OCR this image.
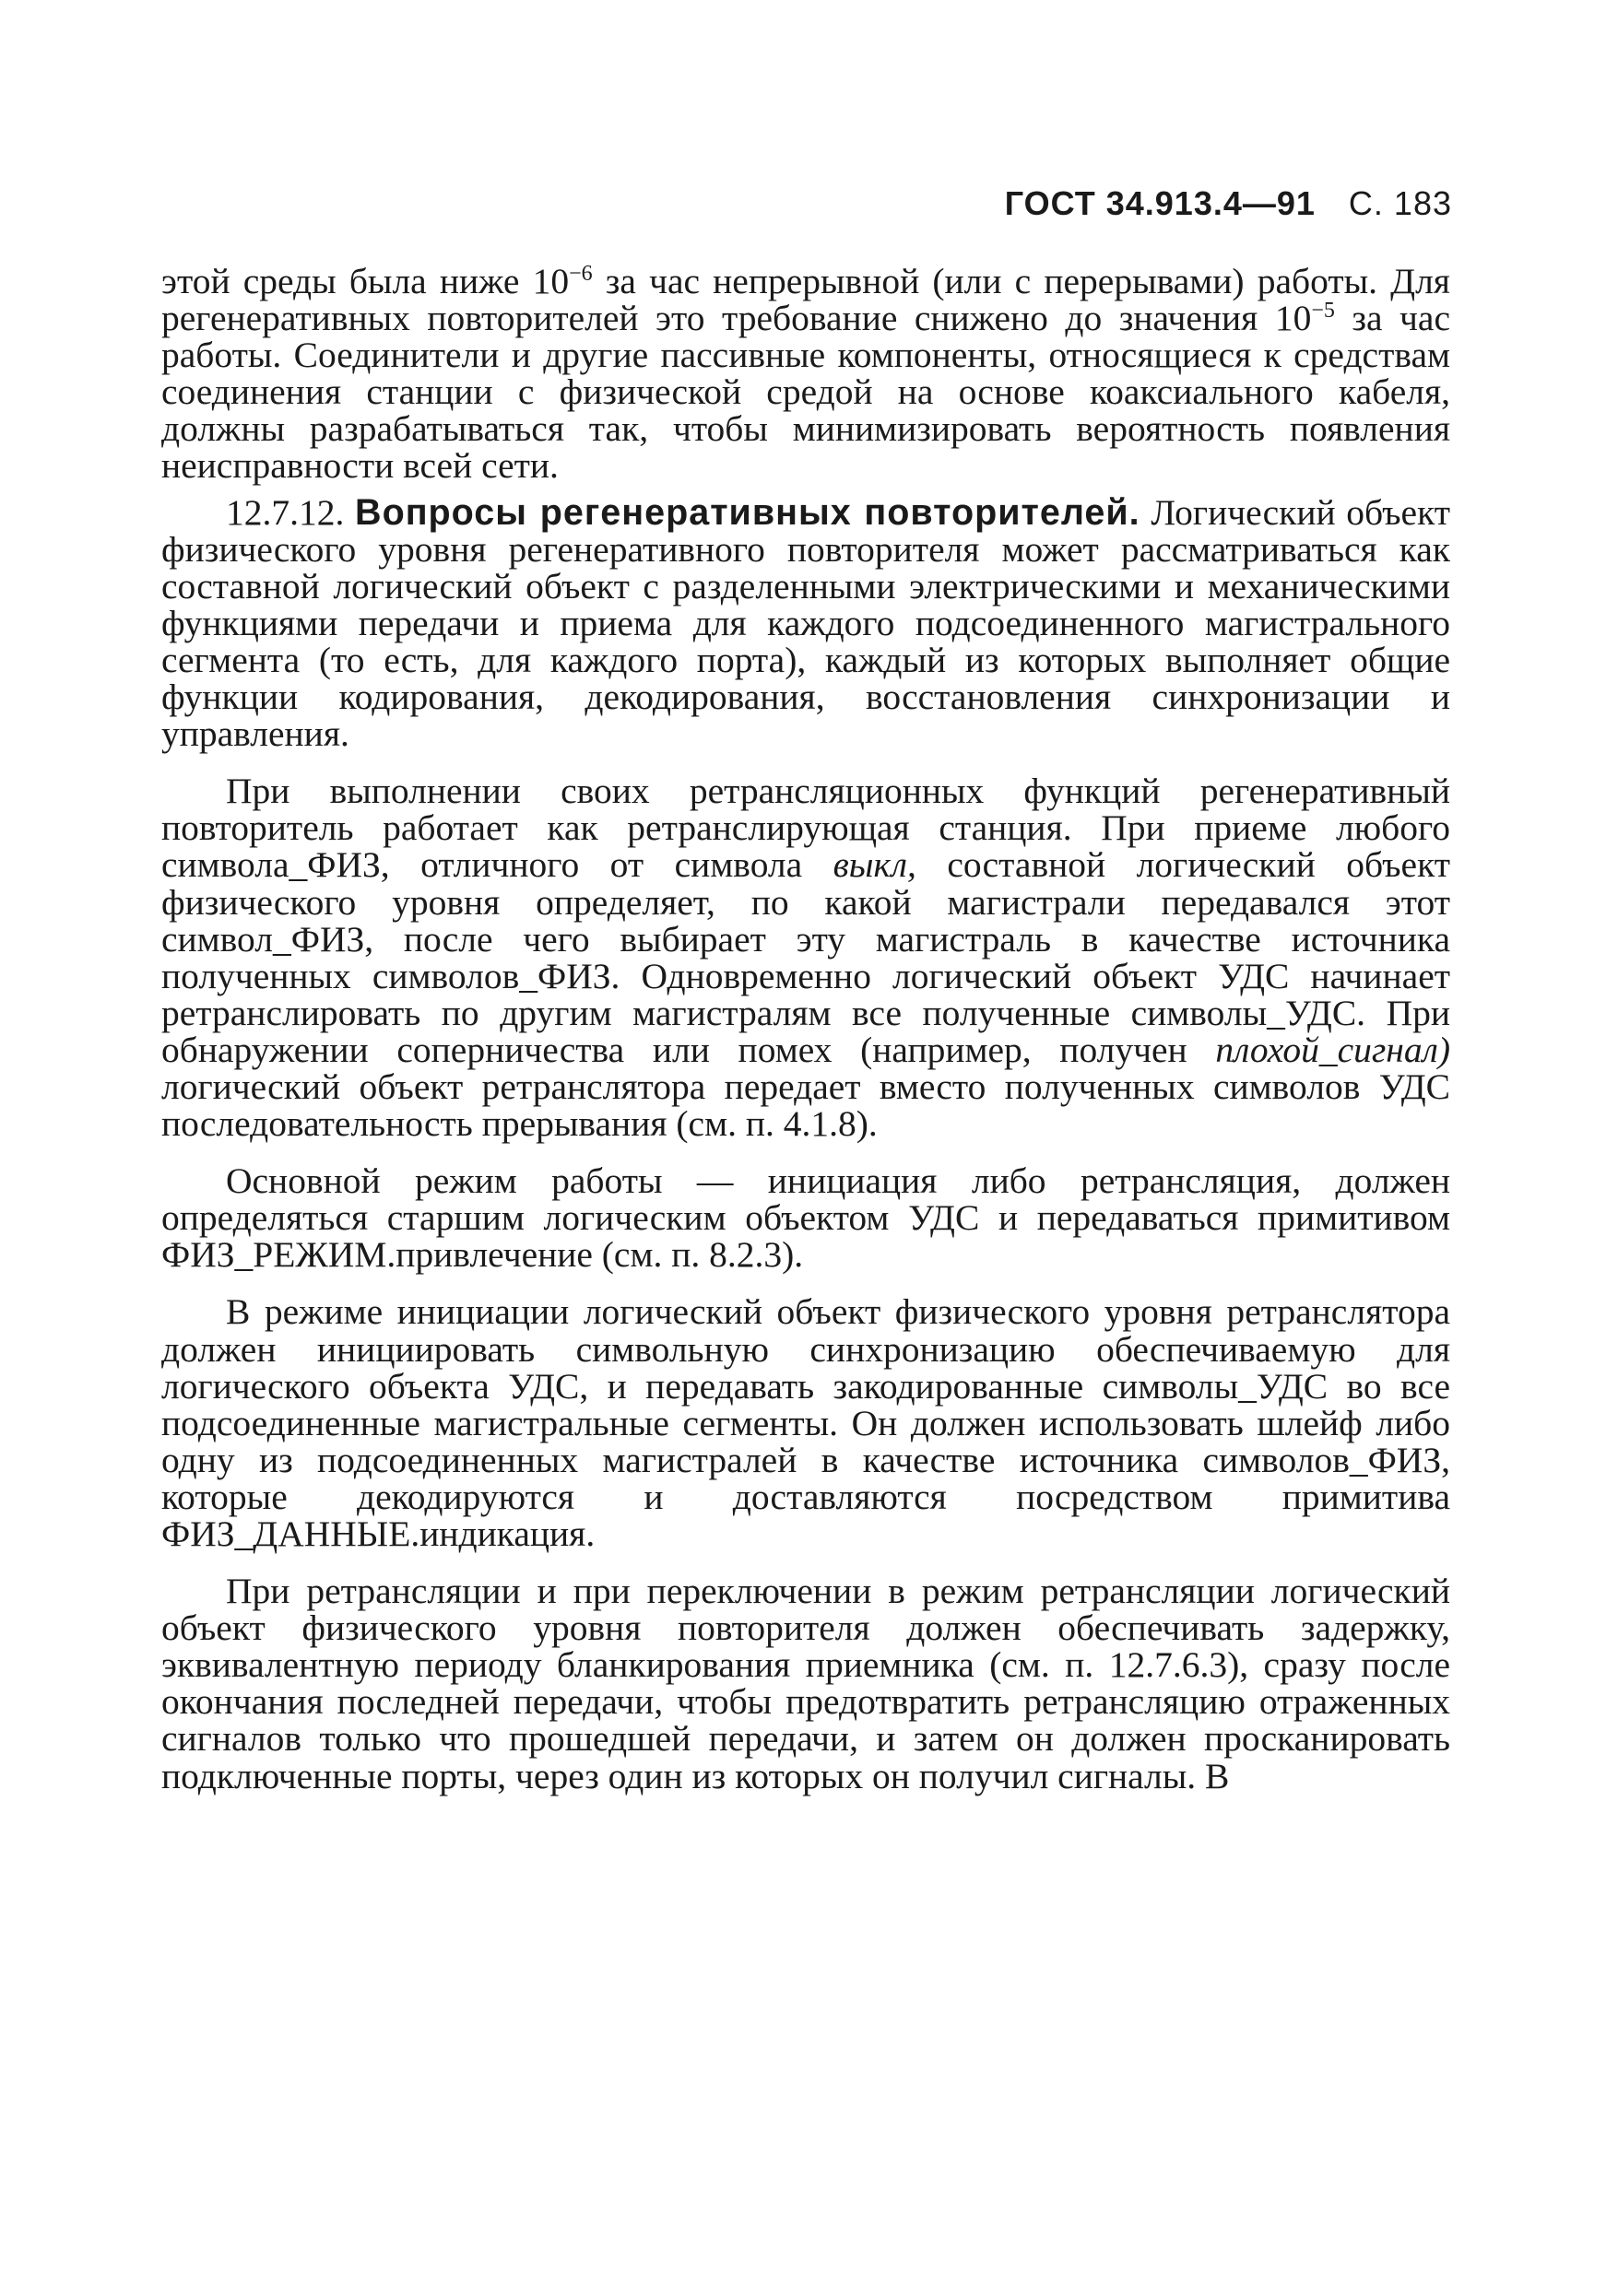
ГОСТ 34.913.4—91 С. 183

этой среды была ниже $10^{-6}$ за час непрерывной (или с перерывами) работы. Для регенеративных повторителей это требование снижено до значения $10^{-5}$ за час работы. Соединители и другие пассивные компоненты, относящиеся к средствам соединения станции с физической средой на основе коаксиального кабеля, должны разрабатываться так, чтобы минимизировать вероятность появления неисправности всей сети.

12.7.12. Вопросы регенеративных повторителей. Логический объект физического уровня регенеративного повторителя может рассматриваться как составной логический объект с разделенными электрическими и механическими функциями передачи и приема для каждого подсоединенного магистрального сегмента (то есть, для каждого порта), каждый из которых выполняет общие функции кодирования, декодирования, восстановления синхронизации и управления.

При выполнении своих ретрансляционных функций регенеративный повторитель работает как ретранслирующая станция. При приеме любого символа_ФИЗ, отличного от символа выкл, составной логический объект физического уровня определяет, по какой магистрали передавался этот символ_ФИЗ, после чего выбирает эту магистраль в качестве источника полученных символов_ФИЗ. Одновременно логический объект УДС начинает ретранслировать по другим магистралям все полученные символы_УДС. При обнаружении соперничества или помех (например, получен плохой_сигнал) логический объект ретранслятора передает вместо полученных символов УДС последовательность прерывания (см. п. 4.1.8).

Основной режим работы — инициация либо ретрансляция, должен определяться старшим логическим объектом УДС и передаваться примитивом ФИЗ_РЕЖИМ.привлечение (см. п. 8.2.3).

В режиме инициации логический объект физического уровня ретранслятора должен инициировать символьную синхронизацию обеспечиваемую для логического объекта УДС, и передавать закодированные символы_УДС во все подсоединенные магистральные сегменты. Он должен использовать шлейф либо одну из подсоединенных магистралей в качестве источника символов_ФИЗ, которые декодируются и доставляются посредством примитива ФИЗ_ДАННЫЕ.индикация.

При ретрансляции и при переключении в режим ретрансляции логический объект физического уровня повторителя должен обеспечивать задержку, эквивалентную периоду бланкирования приемника (см. п. 12.7.6.3), сразу после окончания последней передачи, чтобы предотвратить ретрансляцию отраженных сигналов только что прошедшей передачи, и затем он должен просканировать подключенные порты, через один из которых он получил сигналы. В
